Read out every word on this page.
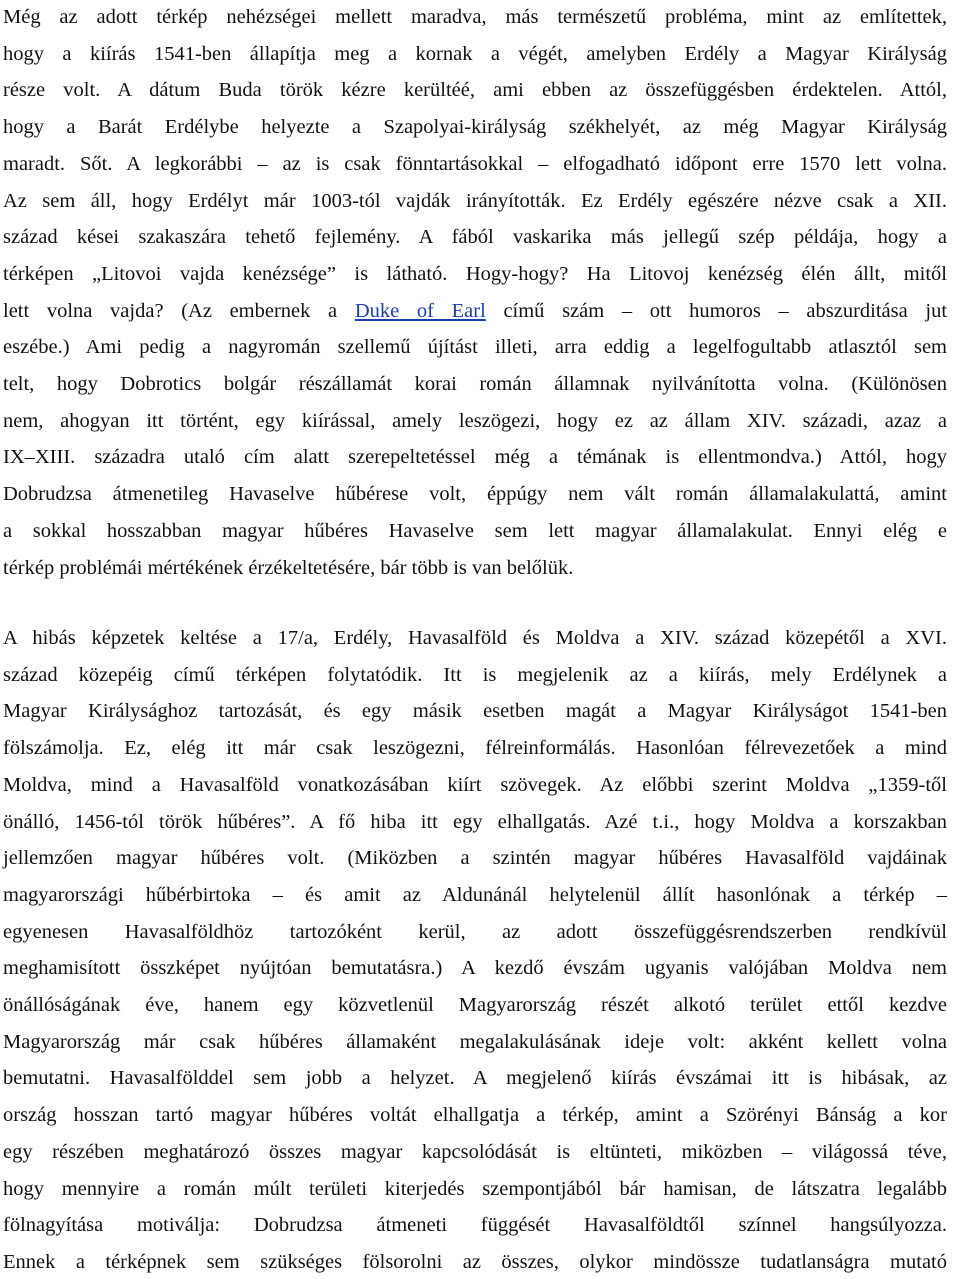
Még az adott térkép nehézségei mellett maradva, más természetű probléma, mint az említettek,
hogy a kiírás 1541-ben állapítja meg a kornak a végét, amelyben Erdély a Magyar Királyság
része volt. A dátum Buda török kézre kerültéé, ami ebben az összefüggésben érdektelen. Attól,
hogy a Barát Erdélybe helyezte a Szapolyai-királyság székhelyét, az még Magyar Királyság
maradt. Sőt. A legkorábbi – az is csak fönntartásokkal – elfogadható időpont erre 1570 lett volna.
Az sem áll, hogy Erdélyt már 1003-tól vajdák irányították. Ez Erdély egészére nézve csak a XII.
század kései szakaszára tehető fejlemény. A fából vaskarika más jellegű szép példája, hogy a
térképen „Litovoi vajda kenézsége” is látható. Hogy-hogy? Ha Litovoj kenézség élén állt, mitől
lett volna vajda? (Az embernek a Duke of Earl című szám – ott humoros – abszurditása jut
eszébe.) Ami pedig a nagyromán szellemű újítást illeti, arra eddig a legelfogultabb atlasztól sem
telt, hogy Dobrotics bolgár részállamát korai román államnak nyilvánította volna. (Különösen
nem, ahogyan itt történt, egy kiírással, amely leszögezi, hogy ez az állam XIV. századi, azaz a
IX–XIII. századra utaló cím alatt szerepeltetéssel még a témának is ellentmondva.) Attól, hogy
Dobrudzsa átmenetileg Havaselve hűbérese volt, éppúgy nem vált román államalakulattá, amint
a sokkal hosszabban magyar hűbéres Havaselve sem lett magyar államalakulat. Ennyi elég e
térkép problémái mértékének érzékeltetésére, bár több is van belőlük.
A hibás képzetek keltése a 17/a, Erdély, Havasalföld és Moldva a XIV. század közepétől a XVI.
század közepéig című térképen folytatódik. Itt is megjelenik az a kiírás, mely Erdélynek a
Magyar Királysághoz tartozását, és egy másik esetben magát a Magyar Királyságot 1541-ben
fölszámolja. Ez, elég itt már csak leszögezni, félreinformálás. Hasonlóan félrevezetőek a mind
Moldva, mind a Havasalföld vonatkozásában kiírt szövegek. Az előbbi szerint Moldva „1359-től
önálló, 1456-tól török hűbéres”. A fő hiba itt egy elhallgatás. Azé t.i., hogy Moldva a korszakban
jellemzően magyar hűbéres volt. (Miközben a szintén magyar hűbéres Havasalföld vajdáinak
magyarországi hűbérbirtoka – és amit az Aldunánál helytelenül állít hasonlónak a térkép –
egyenesen Havasalföldhöz tartozóként kerül, az adott összefüggésrendszerben rendkívül
meghamisított összképet nyújtóan bemutatásra.) A kezdő évszám ugyanis valójában Moldva nem
önállóságának éve, hanem egy közvetlenül Magyarország részét alkotó terület ettől kezdve
Magyarország már csak hűbéres államaként megalakulásának ideje volt: akként kellett volna
bemutatni. Havasalfölddel sem jobb a helyzet. A megjelenő kiírás évszámai itt is hibásak, az
ország hosszan tartó magyar hűbéres voltát elhallgatja a térkép, amint a Szörényi Bánság a kor
egy részében meghatározó összes magyar kapcsolódását is eltünteti, miközben – világossá téve,
hogy mennyire a román múlt területi kiterjedés szempontjából bár hamisan, de látszatra legalább
fölnagyítása motiválja: Dobrudzsa átmeneti függését Havasalföldtől színnel hangsúlyozza.
Ennek a térképnek sem szükséges fölsorolni az összes, olykor mindössze tudatlanságra mutató
